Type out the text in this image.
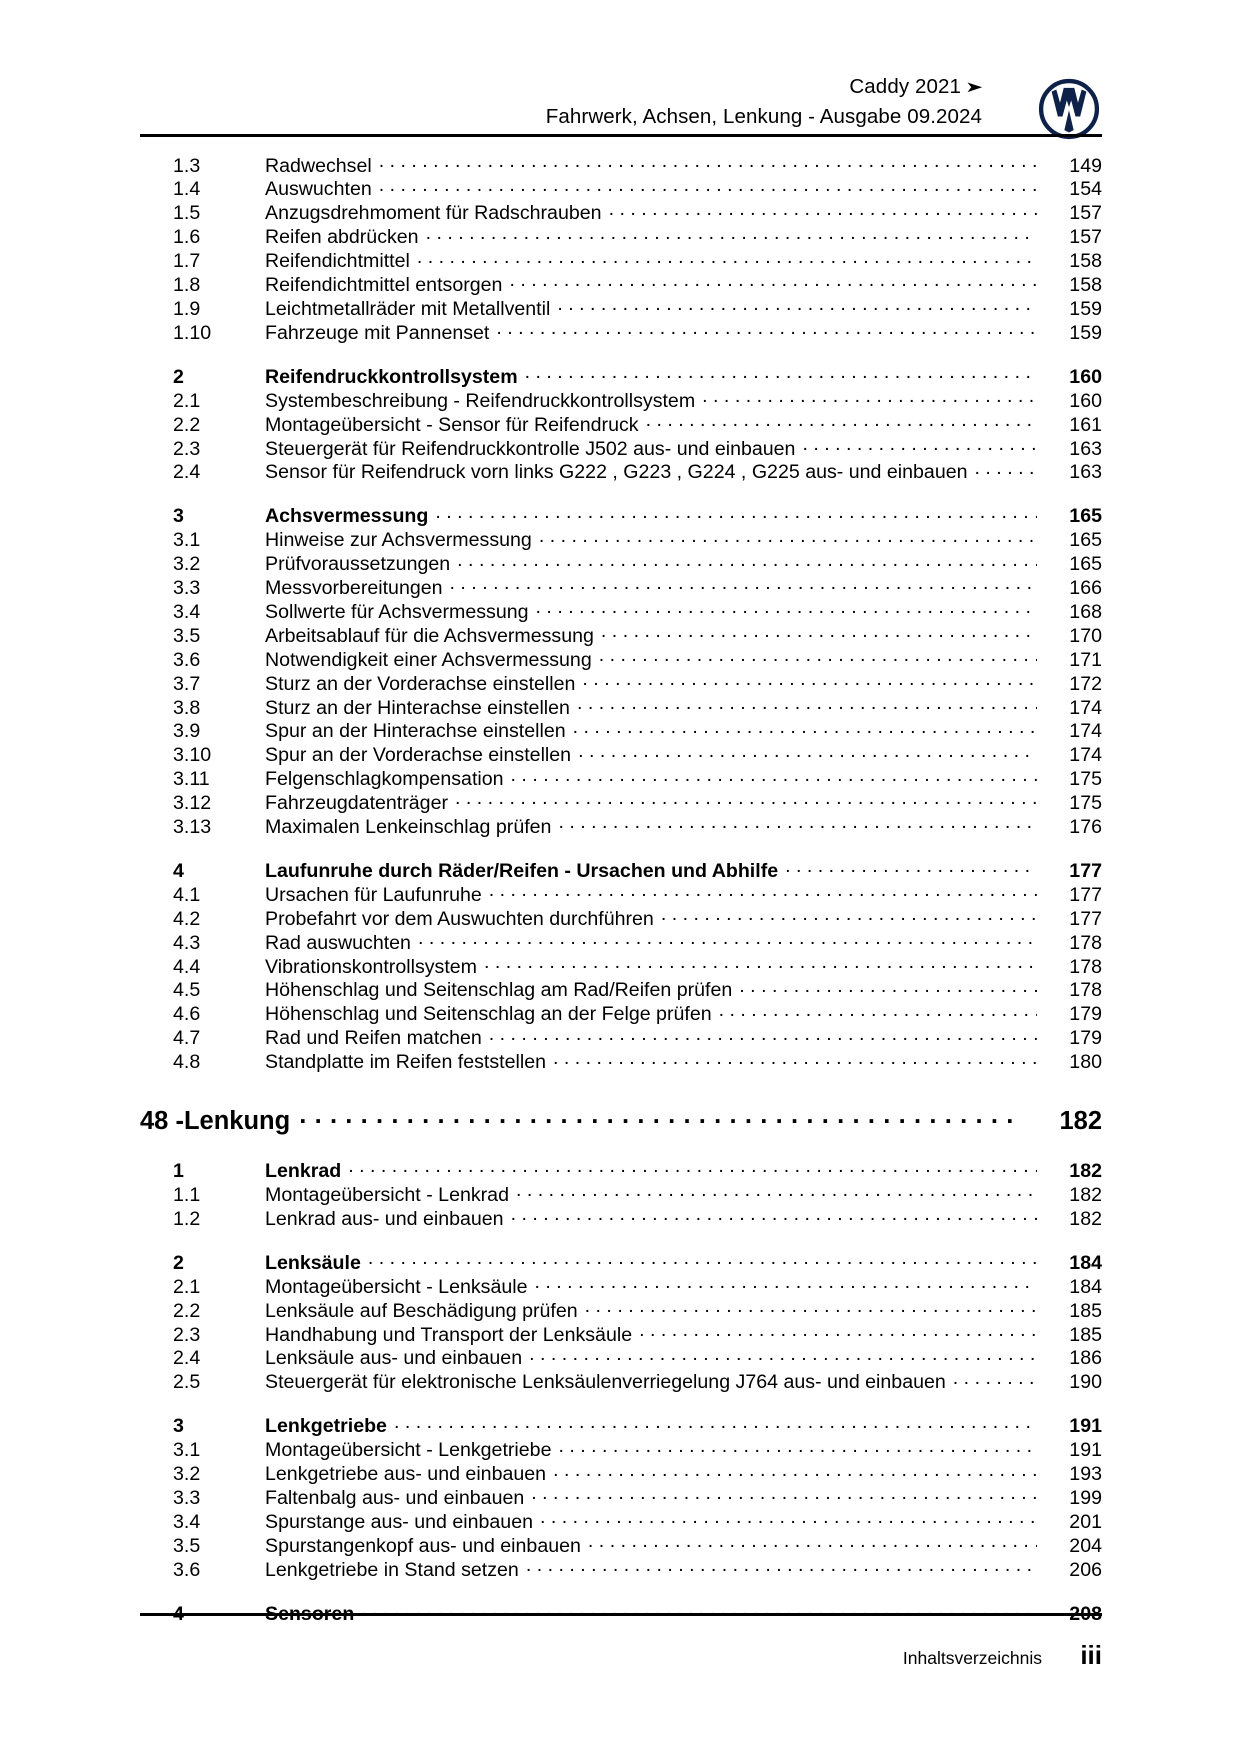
Caddy 2021 ➤
Fahrwerk, Achsen, Lenkung - Ausgabe 09.2024
1.3	Radwechsel . . .	149
1.4	Auswuchten . . .	154
1.5	Anzugsdrehmoment für Radschrauben . . .	157
1.6	Reifen abdrücken . . .	157
1.7	Reifendichtmittel . . .	158
1.8	Reifendichtmittel entsorgen . . .	158
1.9	Leichtmetallräder mit Metallventil . . .	159
1.10	Fahrzeuge mit Pannenset . . .	159
2	Reifendruckkontrollsystem . . .	160
2.1	Systembeschreibung - Reifendruckkontrollsystem . . .	160
2.2	Montageübersicht - Sensor für Reifendruck . . .	161
2.3	Steuergerät für Reifendruckkontrolle J502 aus- und einbauen . . .	163
2.4	Sensor für Reifendruck vorn links G222 , G223 , G224 , G225 aus- und einbauen . . .	163
3	Achsvermessung . . .	165
3.1	Hinweise zur Achsvermessung . . .	165
3.2	Prüfvoraussetzungen . . .	165
3.3	Messvorbereitungen . . .	166
3.4	Sollwerte für Achsvermessung . . .	168
3.5	Arbeitsablauf für die Achsvermessung . . .	170
3.6	Notwendigkeit einer Achsvermessung . . .	171
3.7	Sturz an der Vorderachse einstellen . . .	172
3.8	Sturz an der Hinterachse einstellen . . .	174
3.9	Spur an der Hinterachse einstellen . . .	174
3.10	Spur an der Vorderachse einstellen . . .	174
3.11	Felgenschlagkompensation . . .	175
3.12	Fahrzeugdatenträger . . .	175
3.13	Maximalen Lenkeinschlag prüfen . . .	176
4	Laufunruhe durch Räder/Reifen - Ursachen und Abhilfe . . .	177
4.1	Ursachen für Laufunruhe . . .	177
4.2	Probefahrt vor dem Auswuchten durchführen . . .	177
4.3	Rad auswuchten . . .	178
4.4	Vibrationskontrollsystem . . .	178
4.5	Höhenschlag und Seitenschlag am Rad/Reifen prüfen . . .	178
4.6	Höhenschlag und Seitenschlag an der Felge prüfen . . .	179
4.7	Rad und Reifen matchen . . .	179
4.8	Standplatte im Reifen feststellen . . .	180
48 - Lenkung . . .	182
1	Lenkrad . . .	182
1.1	Montageübersicht - Lenkrad . . .	182
1.2	Lenkrad aus- und einbauen . . .	182
2	Lenksäule . . .	184
2.1	Montageübersicht - Lenksäule . . .	184
2.2	Lenksäule auf Beschädigung prüfen . . .	185
2.3	Handhabung und Transport der Lenksäule . . .	185
2.4	Lenksäule aus- und einbauen . . .	186
2.5	Steuergerät für elektronische Lenksäulenverriegelung J764 aus- und einbauen . . .	190
3	Lenkgetriebe . . .	191
3.1	Montageübersicht - Lenkgetriebe . . .	191
3.2	Lenkgetriebe aus- und einbauen . . .	193
3.3	Faltenbalg aus- und einbauen . . .	199
3.4	Spurstange aus- und einbauen . . .	201
3.5	Spurstangenkopf aus- und einbauen . . .	204
3.6	Lenkgetriebe in Stand setzen . . .	206
4	Sensoren . . .	208
Inhaltsverzeichnis	iii
